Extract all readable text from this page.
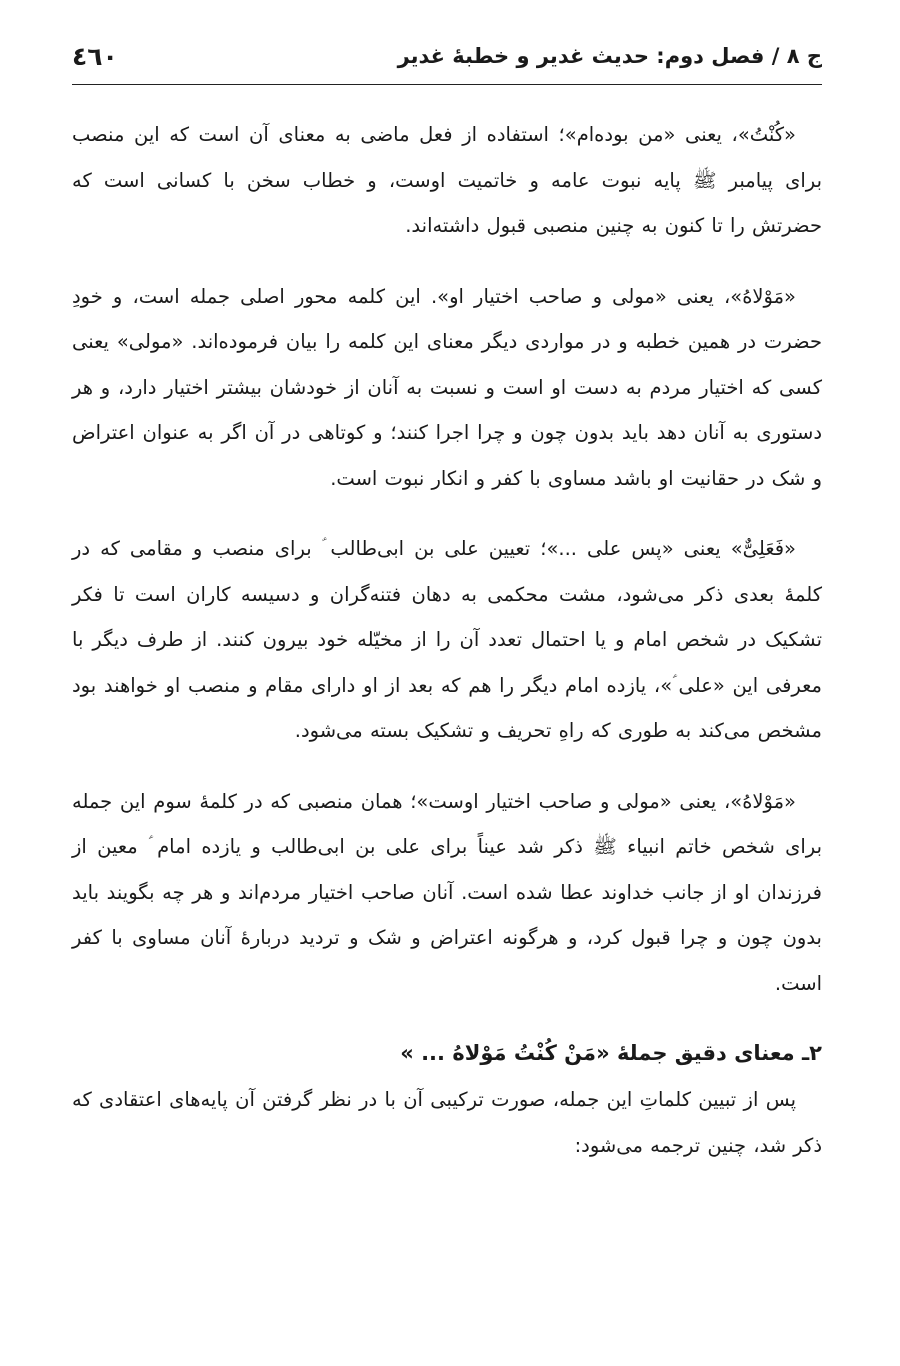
ج ٨ / فصل دوم: حدیث غدیر و خطبۀ غدیر
٤٦٠

«کُنْتُ»، یعنی «من بوده‌ام»؛ استفاده از فعل ماضی به معنای آن است که این منصب برای پیامبر ﷺ پایه نبوت عامه و خاتمیت اوست، و خطاب سخن با کسانی است که حضرتش را تا کنون به چنین منصبی قبول داشته‌اند.

«مَوْلاهُ»، یعنی «مولی و صاحب اختیار او». این کلمه محور اصلی جمله است، و خودِ حضرت در همین خطبه و در مواردی دیگر معنای این کلمه را بیان فرموده‌اند. «مولی» یعنی کسی که اختیار مردم به دست او است و نسبت به آنان از خودشان بیشتر اختیار دارد، و هر دستوری به آنان دهد باید بدون چون و چرا اجرا کنند؛ و کوتاهی در آن اگر به عنوان اعتراض و شک در حقانیت او باشد مساوی با کفر و انکار نبوت است.

«فَعَلِیٌّ» یعنی «پس علی ...»؛ تعیین علی بن ابی‌طالب ؑ برای منصب و مقامی که در کلمۀ بعدی ذکر می‌شود، مشت محکمی به دهان فتنه‌گران و دسیسه کاران است تا فکر تشکیک در شخص امام و یا احتمال تعدد آن را از مخیّله خود بیرون کنند. از طرف دیگر با معرفی این «علی ؑ»، یازده امام دیگر را هم که بعد از او دارای مقام و منصب او خواهند بود مشخص می‌کند به طوری که راهِ تحریف و تشکیک بسته می‌شود.

«مَوْلاهُ»، یعنی «مولی و صاحب اختیار اوست»؛ همان منصبی که در کلمۀ سوم این جمله برای شخص خاتم انبیاء ﷺ ذکر شد عیناً برای علی بن ابی‌طالب و یازده امام ؑ معین از فرزندان او از جانب خداوند عطا شده است. آنان صاحب اختیار مردم‌اند و هر چه بگویند باید بدون چون و چرا قبول کرد، و هرگونه اعتراض و شک و تردید دربارۀ آنان مساوی با کفر است.

۲ـ معنای دقیق جملۀ «مَنْ کُنْتُ مَوْلاهُ ... »

پس از تبیین کلماتِ این جمله، صورت ترکیبی آن با در نظر گرفتن آن پایه‌های اعتقادی که ذکر شد، چنین ترجمه می‌شود:
